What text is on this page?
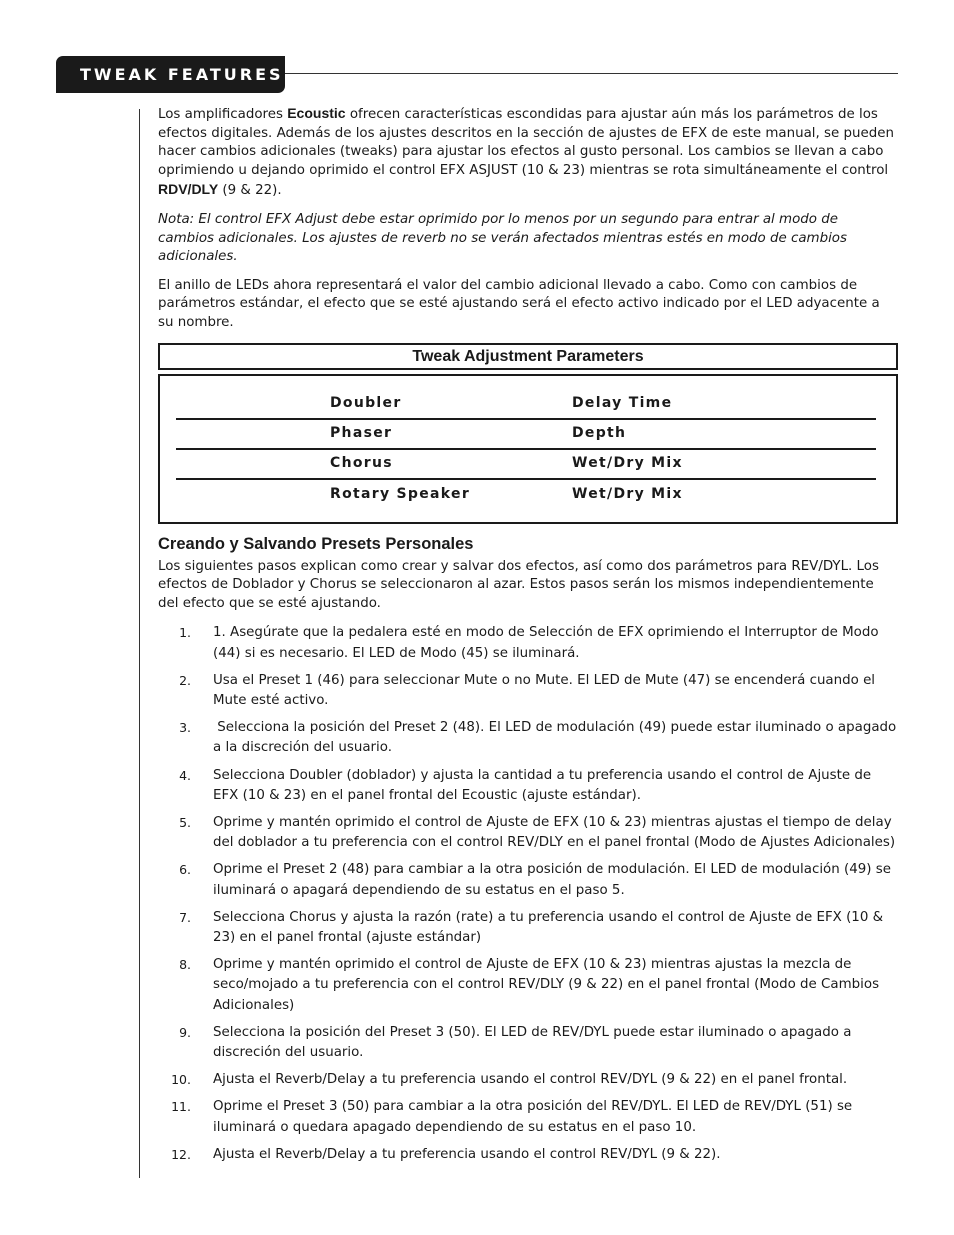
TWEAK FEATURES

Los amplificadores Ecoustic ofrecen características escondidas para ajustar aún más los parámetros de los efectos digitales. Además de los ajustes descritos en la sección de ajustes de EFX de este manual, se pueden hacer cambios adicionales (tweaks) para ajustar los efectos al gusto personal. Los cambios se llevan a cabo oprimiendo u dejando oprimido el control EFX ASJUST (10 & 23) mientras se rota simultáneamente el control RDV/DLY (9 & 22).

Nota: El control EFX Adjust debe estar oprimido por lo menos por un segundo para entrar al modo de cambios adicionales. Los ajustes de reverb no se verán afectados mientras estés en modo de cambios adicionales.

El anillo de LEDs ahora representará el valor del cambio adicional llevado a cabo. Como con cambios de parámetros estándar, el efecto que se esté ajustando será el efecto activo indicado por el LED adyacente a su nombre.

Tweak Adjustment Parameters
Doubler	Delay Time
Phaser	Depth
Chorus	Wet/Dry Mix
Rotary Speaker	Wet/Dry Mix
Creando y Salvando Presets Personales

Los siguientes pasos explican como crear y salvar dos efectos, así como dos parámetros para REV/DYL. Los efectos de Doblador y Chorus se seleccionaron al azar. Estos pasos serán los mismos independientemente del efecto que se esté ajustando.

1.	1. Asegúrate que la pedalera esté en modo de Selección de EFX oprimiendo el Interruptor de Modo (44) si es necesario. El LED de Modo (45) se iluminará.
2.	Usa el Preset 1 (46) para seleccionar Mute o no Mute. El LED de Mute (47) se encenderá cuando el Mute esté activo.
3.	Selecciona la posición del Preset 2 (48). El LED de modulación (49) puede estar iluminado o apagado a la discreción del usuario.
4.	Selecciona Doubler (doblador) y ajusta la cantidad a tu preferencia usando el control de Ajuste de EFX (10 & 23) en el panel frontal del Ecoustic (ajuste estándar).
5.	Oprime y mantén oprimido el control de Ajuste de EFX (10 & 23) mientras ajustas el tiempo de delay del doblador a tu preferencia con el control REV/DLY en el panel frontal (Modo de Ajustes Adicionales)
6.	Oprime el Preset 2 (48) para cambiar a la otra posición de modulación. El LED de modulación (49) se iluminará o apagará dependiendo de su estatus en el paso 5.
7.	Selecciona Chorus y ajusta la razón (rate) a tu preferencia usando el control de Ajuste de EFX (10 & 23) en el panel frontal (ajuste estándar)
8.	Oprime y mantén oprimido el control de Ajuste de EFX (10 & 23) mientras ajustas la mezcla de seco/mojado a tu preferencia con el control REV/DLY (9 & 22) en el panel frontal (Modo de Cambios Adicionales)
9.	Selecciona la posición del Preset 3 (50). El LED de REV/DYL puede estar iluminado o apagado a discreción del usuario.
10.	Ajusta el Reverb/Delay a tu preferencia usando el control REV/DYL (9 & 22) en el panel frontal.
11.	Oprime el Preset 3 (50) para cambiar a la otra posición del REV/DYL. El LED de REV/DYL (51) se iluminará o quedara apagado dependiendo de su estatus en el paso 10.
12.	Ajusta el Reverb/Delay a tu preferencia usando el control REV/DYL (9 & 22).
